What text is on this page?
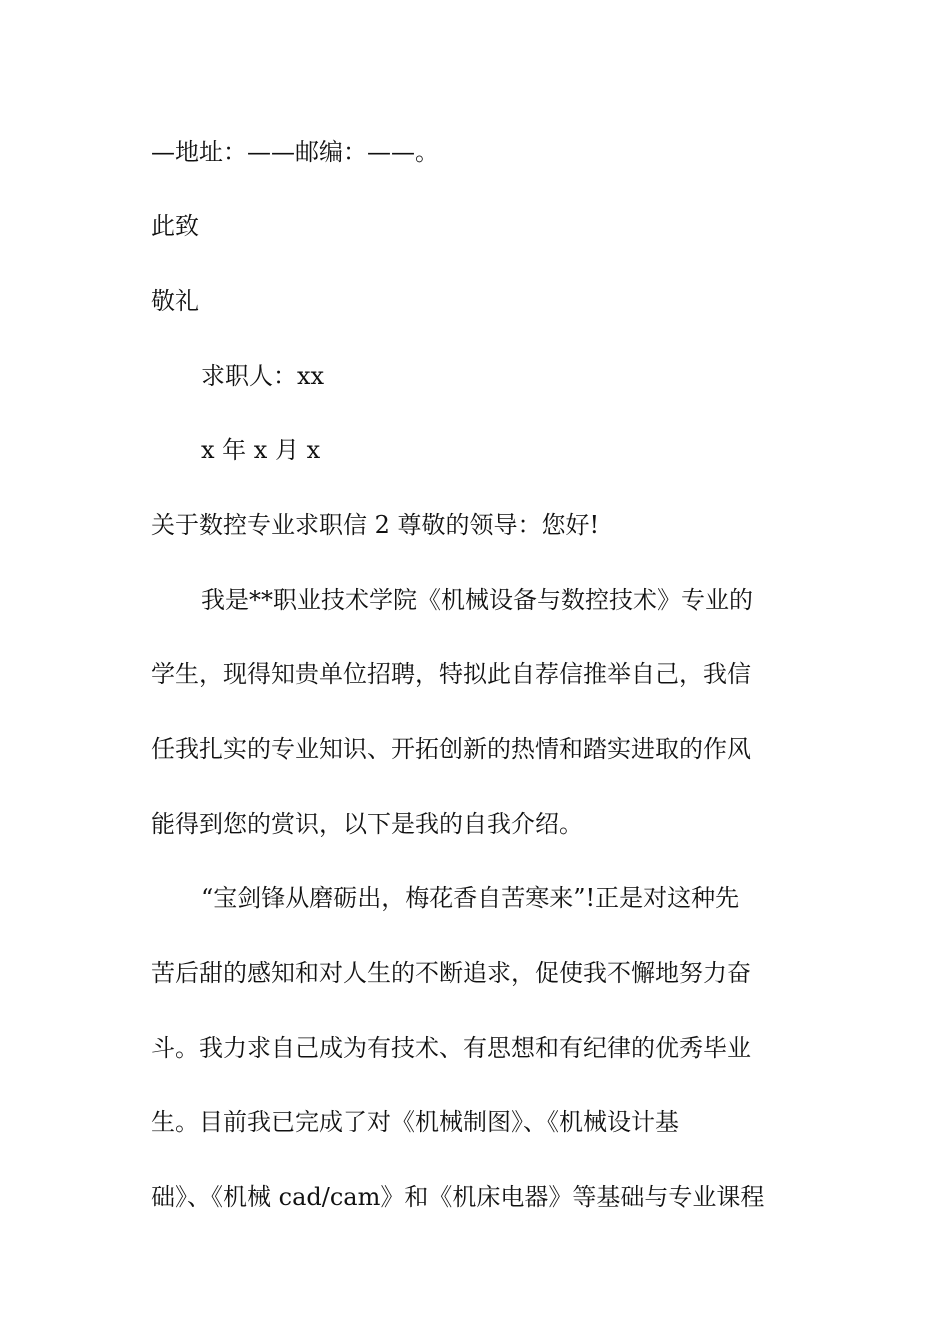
—地址：——邮编：——。
此致
敬礼
求职人：xx
x 年 x 月 x
关于数控专业求职信 2 尊敬的领导：您好!
我是**职业技术学院《机械设备与数控技术》专业的
学生，现得知贵单位招聘，特拟此自荐信推举自己，我信
任我扎实的专业知识、开拓创新的热情和踏实进取的作风
能得到您的赏识，以下是我的自我介绍。
“宝剑锋从磨砺出，梅花香自苦寒来”!正是对这种先
苦后甜的感知和对人生的不断追求，促使我不懈地努力奋
斗。我力求自己成为有技术、有思想和有纪律的优秀毕业
生。目前我已完成了对《机械制图》、《机械设计基
础》、《机械 cad/cam》和《机床电器》等基础与专业课程
